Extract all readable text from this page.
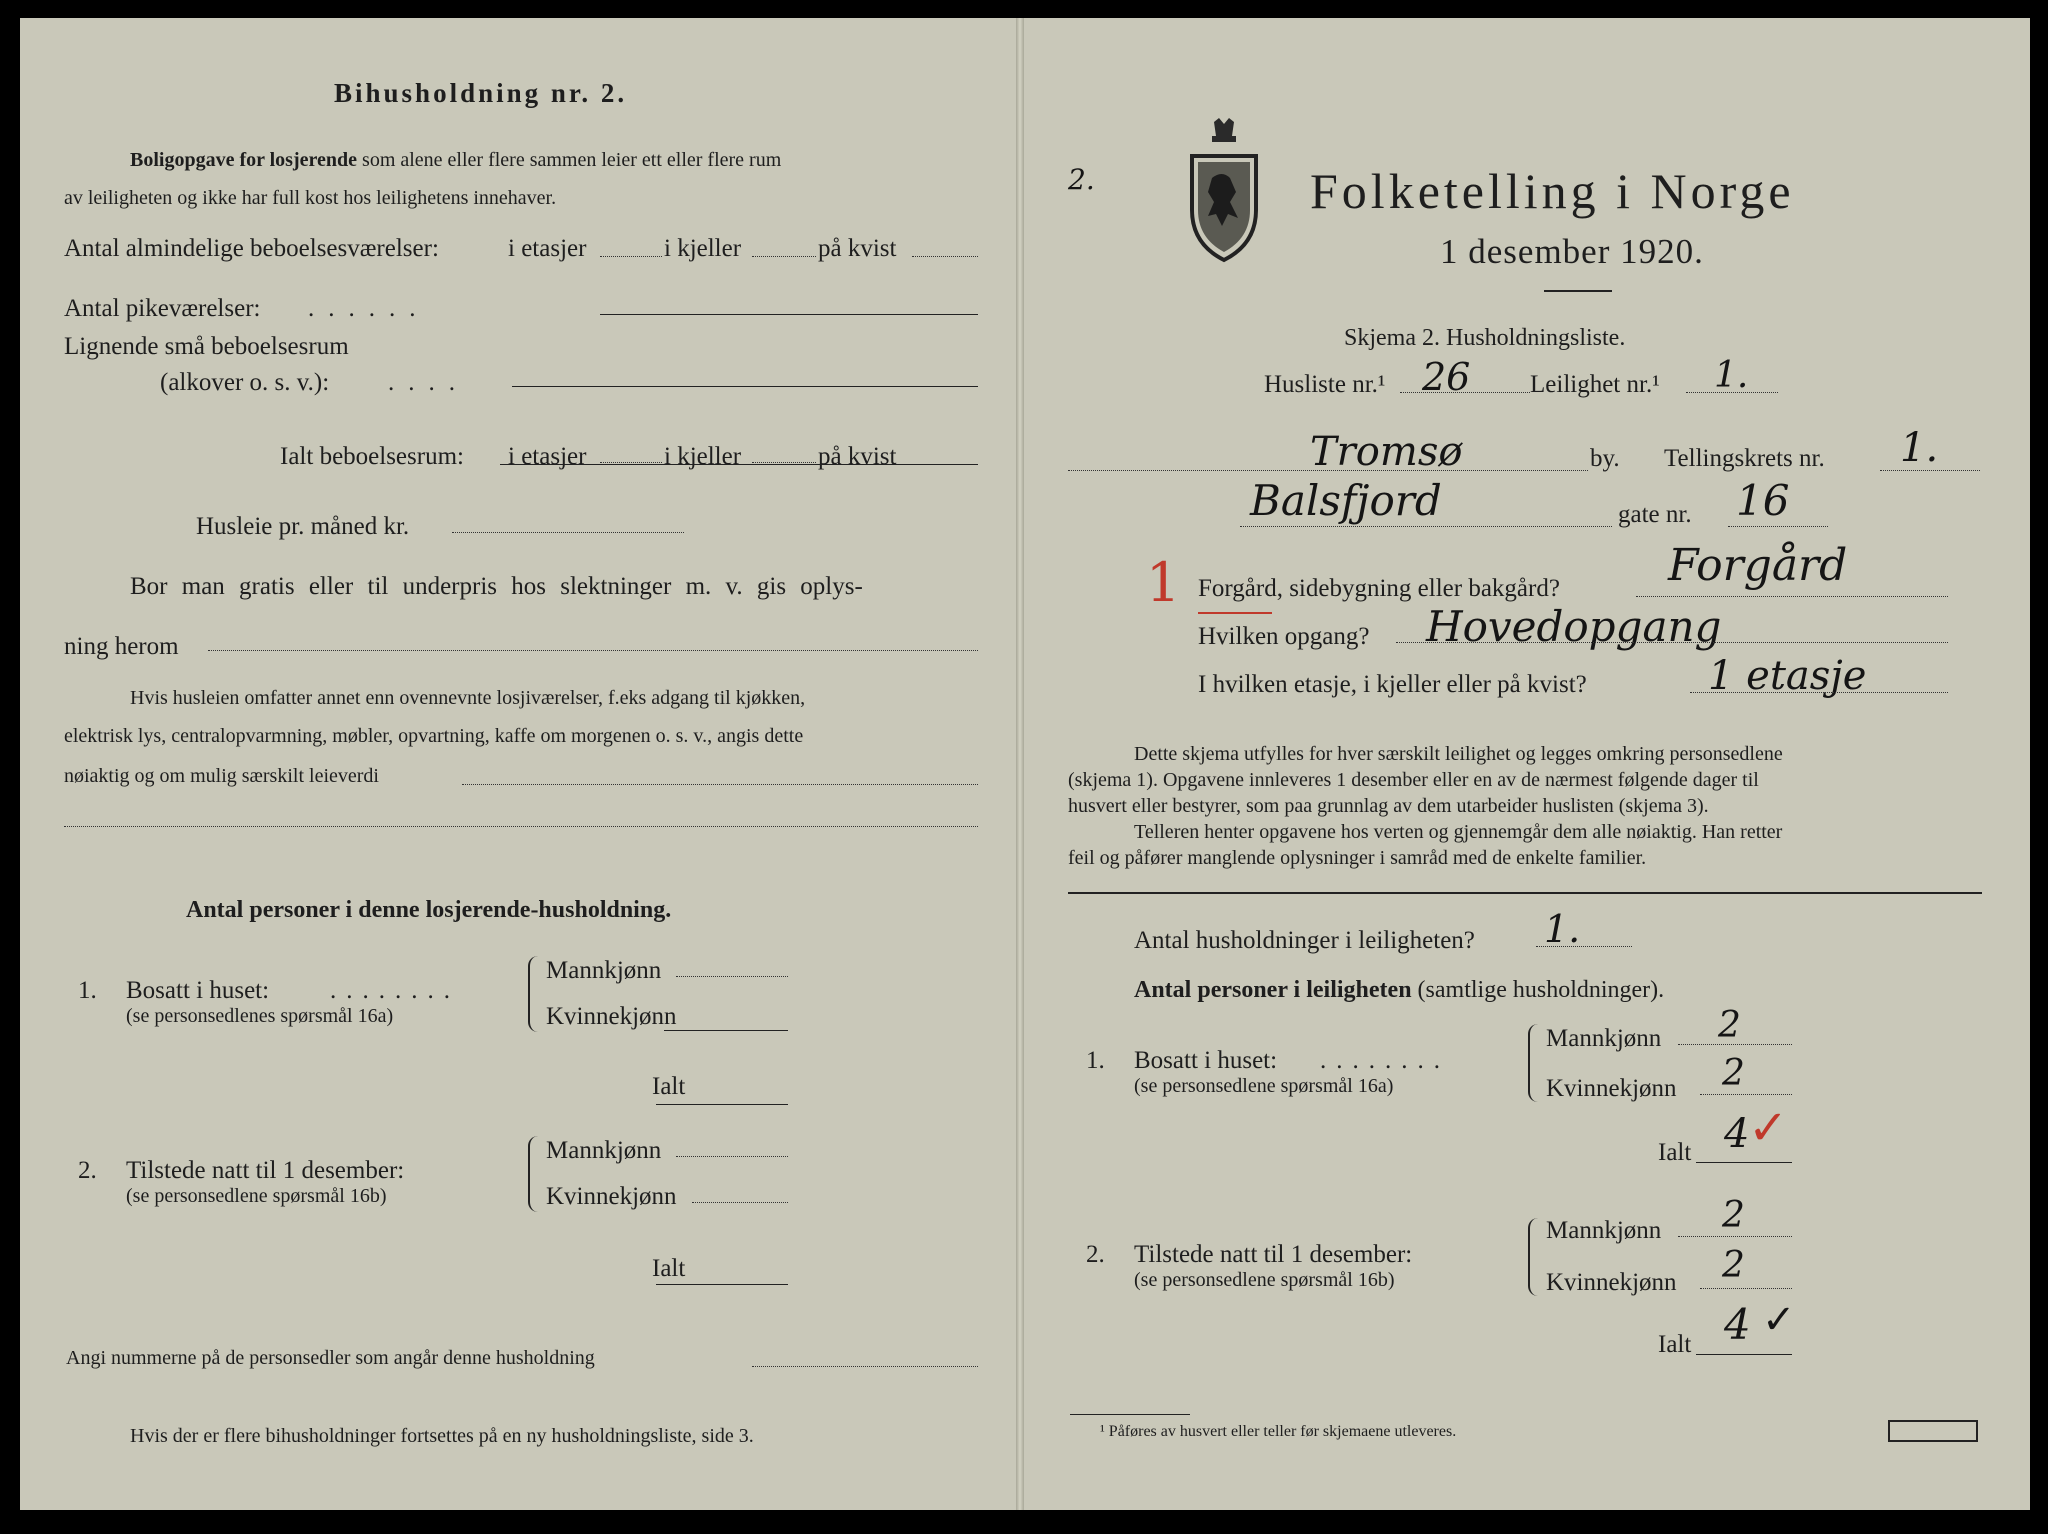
Bihusholdning nr. 2.
Boligopgave for losjerende som alene eller flere sammen leier ett eller flere rum
av leiligheten og ikke har full kost hos leilighetens innehaver.
Antal almindelige beboelsesværelser:	i etasjer	i kjeller	på kvist
Antal pikeværelser: ......
Lignende små beboelsesrum
(alkover o. s. v.): ....
Ialt beboelsesrum: i etasjer	i kjeller	på kvist
Husleie pr. måned kr.
Bor man gratis eller til underpris hos slektninger m. v. gis oplys-
ning herom
Hvis husleien omfatter annet enn ovennevnte losjiværelser, f.eks adgang til kjøkken,
elektrisk lys, centralopvarmning, møbler, opvartning, kaffe om morgenen o. s. v., angis dette
nøiaktig og om mulig særskilt leieverdi
Antal personer i denne losjerende-husholdning.
1. Bosatt i huset: ........
(se personsedlenes spørsmål 16a)
Mannkjønn
Kvinnekjønn
Ialt
2. Tilstede natt til 1 desember:
(se personsedlene spørsmål 16b)
Mannkjønn
Kvinnekjønn
Ialt
Angi nummerne på de personsedler som angår denne husholdning
Hvis der er flere bihusholdninger fortsettes på en ny husholdningsliste, side 3.
2.	Folketelling i Norge
1 desember 1920.
Skjema 2. Husholdningsliste.
Husliste nr.¹ 26 Leilighet nr.¹ 1.
Tromsø	by. Tellingskrets nr. 1.
Balsfjord	gate nr. 16
1 Forgård, sidebygning eller bakgård? Forgård
Hvilken opgang? Hovedopgang
I hvilken etasje, i kjeller eller på kvist?	1 etasje
Dette skjema utfylles for hver særskilt leilighet og legges omkring personsedlene
(skjema 1). Opgavene innleveres 1 desember eller en av de nærmest følgende dager til
husvert eller bestyrer, som paa grunnlag av dem utarbeider huslisten (skjema 3).
Telleren henter opgavene hos verten og gjennemgår dem alle nøiaktig. Han retter
feil og påfører manglende oplysninger i samråd med de enkelte familier.
Antal husholdninger i leiligheten? 1.
Antal personer i leiligheten (samtlige husholdninger).
1. Bosatt i huset: ........
(se personsedlene spørsmål 16a)
Mannkjønn 2
Kvinnekjønn 2
Ialt 4
✓
2. Tilstede natt til 1 desember:
(se personsedlene spørsmål 16b)
Mannkjønn 2
Kvinnekjønn 2
Ialt 4 ✓
¹ Påføres av husvert eller teller før skjemaene utleveres.
